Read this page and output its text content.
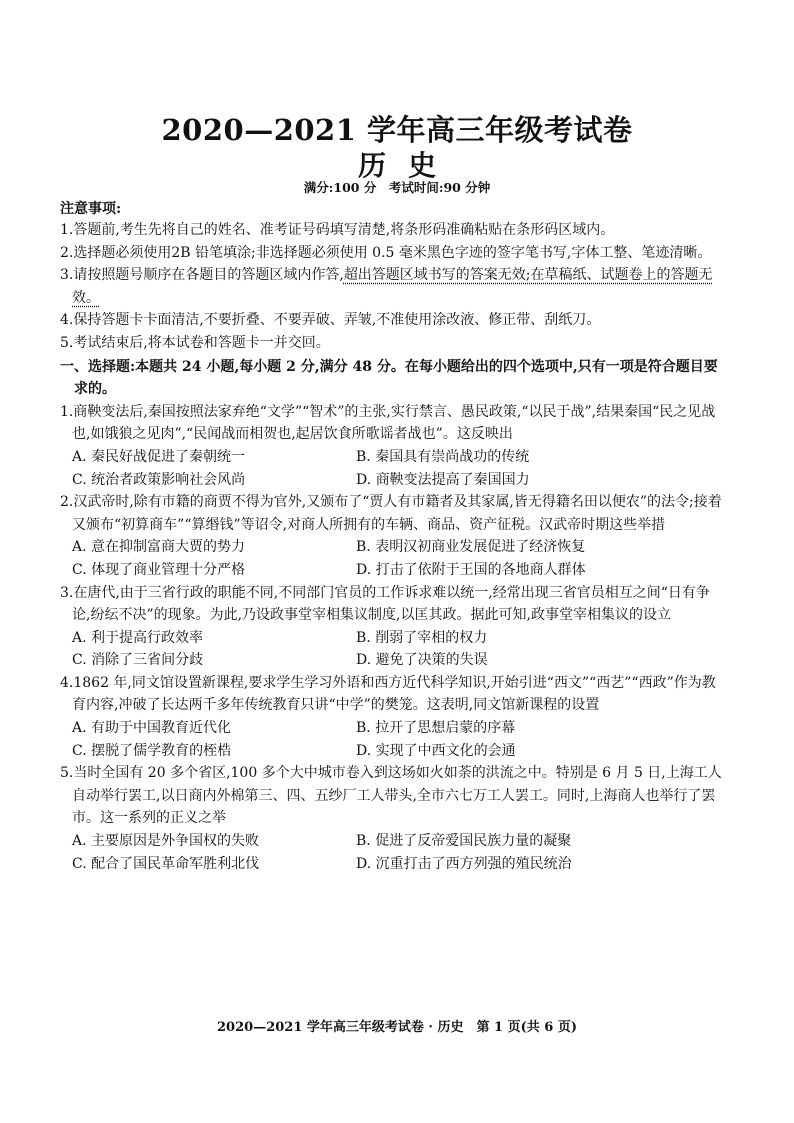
2020—2021 学年高三年级考试卷
历史
满分:100 分　考试时间:90 分钟
注意事项:

1.答题前,考生先将自己的姓名、准考证号码填写清楚,将条形码准确粘贴在条形码区域内。

2.选择题必须使用2B 铅笔填涂;非选择题必须使用 0.5 毫米黑色字迹的签字笔书写,字体工整、笔迹清晰。

3.请按照题号顺序在各题目的答题区域内作答,超出答题区域书写的答案无效;在草稿纸、试题卷上的答题无效。

4.保持答题卡卡面清洁,不要折叠、不要弄破、弄皱,不准使用涂改液、修正带、刮纸刀。

5.考试结束后,将本试卷和答题卡一并交回。

一、选择题:本题共 24 小题,每小题 2 分,满分 48 分。在每小题给出的四个选项中,只有一项是符合题目要求的。

1.商鞅变法后,秦国按照法家弃绝“文学”“智术”的主张,实行禁言、愚民政策,“以民于战”,结果秦国“民之见战也,如饿狼之见肉”,“民闻战而相贺也,起居饮食所歌谣者战也”。这反映出

A. 秦民好战促进了秦朝统一	B. 秦国具有崇尚战功的传统
C. 统治者政策影响社会风尚	D. 商鞅变法提高了秦国国力

2.汉武帝时,除有市籍的商贾不得为官外,又颁布了“贾人有市籍者及其家属,皆无得籍名田以便农”的法令;接着又颁布“初算商车”“算缗钱”等诏令,对商人所拥有的车辆、商品、资产征税。汉武帝时期这些举措

A. 意在抑制富商大贾的势力	B. 表明汉初商业发展促进了经济恢复
C. 体现了商业管理十分严格	D. 打击了依附于王国的各地商人群体

3.在唐代,由于三省行政的职能不同,不同部门官员的工作诉求难以统一,经常出现三省官员相互之间“日有争论,纷纭不决”的现象。为此,乃设政事堂宰相集议制度,以匡其政。据此可知,政事堂宰相集议的设立

A. 利于提高行政效率	B. 削弱了宰相的权力
C. 消除了三省间分歧	D. 避免了决策的失误

4.1862 年,同文馆设置新课程,要求学生学习外语和西方近代科学知识,开始引进“西文”“西艺”“西政”作为教育内容,冲破了长达两千多年传统教育只讲“中学”的樊笼。这表明,同文馆新课程的设置

A. 有助于中国教育近代化	B. 拉开了思想启蒙的序幕
C. 摆脱了儒学教育的桎梏	D. 实现了中西文化的会通

5.当时全国有 20 多个省区,100 多个大中城市卷入到这场如火如荼的洪流之中。特别是 6 月 5 日,上海工人自动举行罢工,以日商内外棉第三、四、五纱厂工人带头,全市六七万工人罢工。同时,上海商人也举行了罢市。这一系列的正义之举

A. 主要原因是外争国权的失败	B. 促进了反帝爱国民族力量的凝聚
C. 配合了国民革命军胜利北伐	D. 沉重打击了西方列强的殖民统治
2020—2021 学年高三年级考试卷 · 历史　第 1 页(共 6 页)
